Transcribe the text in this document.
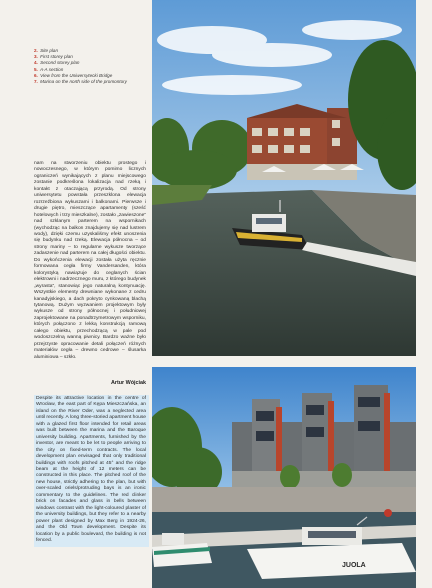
2. Site plan
3. First storey plan
4. Second storey plan
5. A-A section
6. View from the Uniwersytecki Bridge
7. Marina on the north side of the promontory
nam na stworzeniu obiektu prostego i nowoczesnego, w którym pomimo licznych ograniczeń wynikających z planu miejscowego zostanie podkreślona lokalizacja nad rzeką i kontakt z otaczającą przyrodą. Od strony uniwersytetu powstała przeszklona elewacja rozrzeźbiona wykuszami i balkonami. Pierwsze i drugie piętro, mieszczące apartamenty (sześć hotelowych i trzy mieszkalne), zostało „zawieszone” nad szklanym parterem na wspornikach (wychodząc na balkon znajdujemy się nad lustrem wody), dzięki czemu uzyskaliśmy efekt unoszenia się budynku nad rzeką. Elewacja północna – od strony mariny – to regularne wykusze tworzące zadaszenie nad parterem na całej długości obiektu. Do wykończenia elewacji została użyta ręcznie formowana cegła firmy Vandersanden, która kolorystyką nawiązuje do ceglanych ścian elektrowni i nadrzecznego muru, z którego budynek „wyrasta”, stanowiąc jego naturalną kontynuację. Wszystkie elementy drewniane wykonane z cedru kanadyjskiego, a dach pokryto cynkowaną blachą tytanową. Dużym wyzwaniem projektowym były wykusze od strony północnej i południowej zaprojektowane na ponadtrzymetrowym wsporniku, których połączono z lekką konstrukcją ramową całego obiektu, przechodzącą w pale pod wodoszczelną wanną piwnicy. Bardzo ważne było przejrzyste opracowanie detali połączeń różnych materiałów cegła – drewno cedrowe – ślusarka aluminiowa – szkło.
Artur Wójciak
Despite its attractive location in the centre of Wrocław, the east part of Kępa Mieszczańska, an island on the River Oder, was a neglected area until recently. A long three-storied apartment house with a glazed first floor intended for retail areas was built between the marina and the Baroque university building. Apartments, furnished by the investor, are meant to be let to people arriving to the city on fixed-term contracts. The local development plan envisaged that only traditional buildings with roofs pitched at 45° and the ridge beam at the height of 12 meters can be constructed in this place. The pitched roof of the new house, strictly adhering to the plan, but with over-scaled oriels/protruding bays is an ironic commentary to the guidelines. The red clinker brick on facades and glass in bells between windows contrast with the light-coloured plaster of the university buildings, but they refer to a nearby power plant designed by Max Berg in 1924-26, and the Old Town development. Despite its location by a public boulevard, the building is not fenced.
JUOLA
